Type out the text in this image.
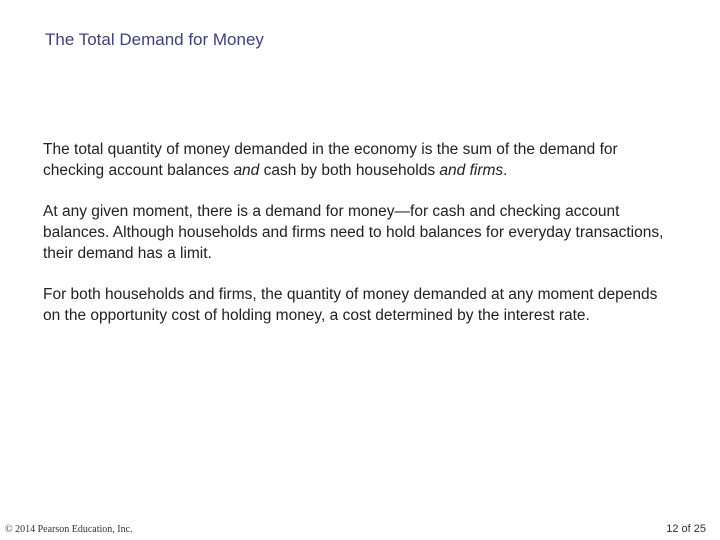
The Total Demand for Money

The total quantity of money demanded in the economy is the sum of the demand for checking account balances and cash by both households and firms.

At any given moment, there is a demand for money—for cash and checking account balances. Although households and firms need to hold balances for everyday transactions, their demand has a limit.

For both households and firms, the quantity of money demanded at any moment depends on the opportunity cost of holding money, a cost determined by the interest rate.

© 2014 Pearson Education, Inc.	12 of 25
